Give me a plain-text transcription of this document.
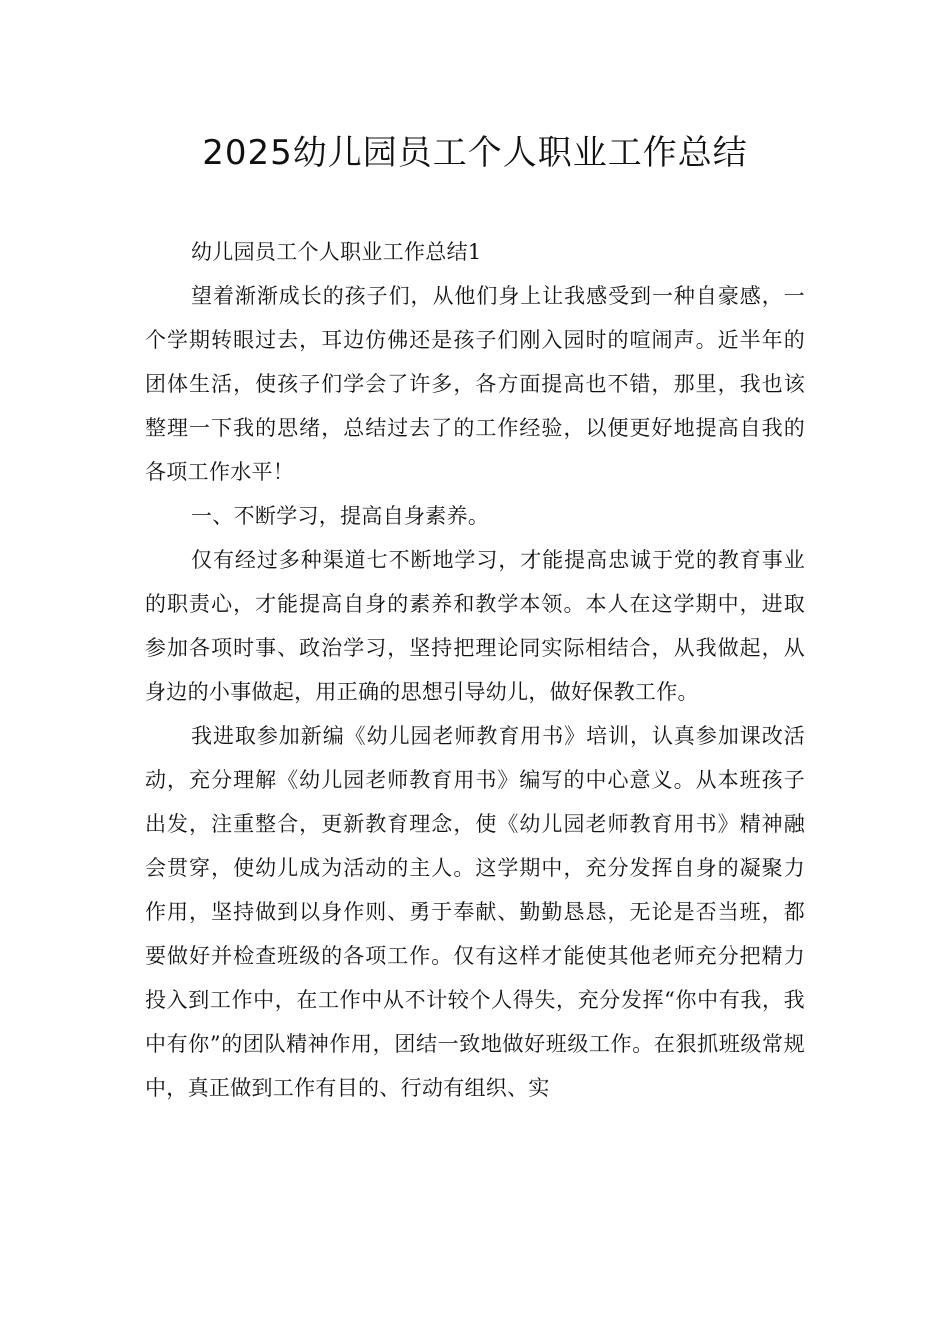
2025幼儿园员工个人职业工作总结

幼儿园员工个人职业工作总结1

望着渐渐成长的孩子们，从他们身上让我感受到一种自豪感，一个学期转眼过去，耳边仿佛还是孩子们刚入园时的喧闹声。近半年的团体生活，使孩子们学会了许多，各方面提高也不错，那里，我也该整理一下我的思绪，总结过去了的工作经验，以便更好地提高自我的各项工作水平！

一、不断学习，提高自身素养。

仅有经过多种渠道七不断地学习，才能提高忠诚于党的教育事业的职责心，才能提高自身的素养和教学本领。本人在这学期中，进取参加各项时事、政治学习，坚持把理论同实际相结合，从我做起，从身边的小事做起，用正确的思想引导幼儿，做好保教工作。

我进取参加新编《幼儿园老师教育用书》培训，认真参加课改活动，充分理解《幼儿园老师教育用书》编写的中心意义。从本班孩子出发，注重整合，更新教育理念，使《幼儿园老师教育用书》精神融会贯穿，使幼儿成为活动的主人。这学期中，充分发挥自身的凝聚力作用，坚持做到以身作则、勇于奉献、勤勤恳恳，无论是否当班，都要做好并检查班级的各项工作。仅有这样才能使其他老师充分把精力投入到工作中，在工作中从不计较个人得失，充分发挥“你中有我，我中有你”的团队精神作用，团结一致地做好班级工作。在狠抓班级常规中，真正做到工作有目的、行动有组织、实
